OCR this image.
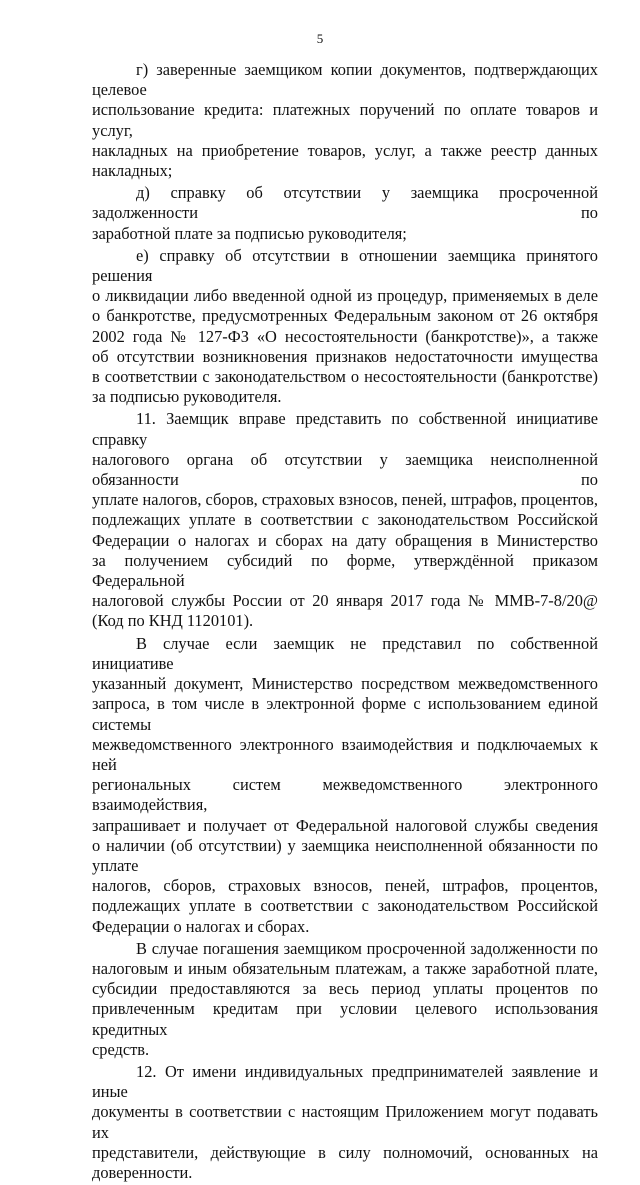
5
г) заверенные заемщиком копии документов, подтверждающих целевое
использование кредита: платежных поручений по оплате товаров и услуг,
накладных на приобретение товаров, услуг, а также реестр данных
накладных;
д) справку об отсутствии у заемщика просроченной задолженности по
заработной плате за подписью руководителя;
е) справку об отсутствии в отношении заемщика принятого решения
о ликвидации либо введенной одной из процедур, применяемых в деле
о банкротстве, предусмотренных Федеральным законом от 26 октября
2002 года № 127-ФЗ «О несостоятельности (банкротстве)», а также
об отсутствии возникновения признаков недостаточности имущества
в соответствии с законодательством о несостоятельности (банкротстве)
за подписью руководителя.
11. Заемщик вправе представить по собственной инициативе справку
налогового органа об отсутствии у заемщика неисполненной обязанности по
уплате налогов, сборов, страховых взносов, пеней, штрафов, процентов,
подлежащих уплате в соответствии с законодательством Российской
Федерации о налогах и сборах на дату обращения в Министерство
за получением субсидий по форме, утверждённой приказом Федеральной
налоговой службы России от 20 января 2017 года № ММВ-7-8/20@
(Код по КНД 1120101).
В случае если заемщик не представил по собственной инициативе
указанный документ, Министерство посредством межведомственного
запроса, в том числе в электронной форме с использованием единой системы
межведомственного электронного взаимодействия и подключаемых к ней
региональных систем межведомственного электронного взаимодействия,
запрашивает и получает от Федеральной налоговой службы сведения
о наличии (об отсутствии) у заемщика неисполненной обязанности по уплате
налогов, сборов, страховых взносов, пеней, штрафов, процентов,
подлежащих уплате в соответствии с законодательством Российской
Федерации о налогах и сборах.
В случае погашения заемщиком просроченной задолженности по
налоговым и иным обязательным платежам, а также заработной плате,
субсидии предоставляются за весь период уплаты процентов по
привлеченным кредитам при условии целевого использования кредитных
средств.
12. От имени индивидуальных предпринимателей заявление и иные
документы в соответствии с настоящим Приложением могут подавать их
представители, действующие в силу полномочий, основанных на
доверенности.
